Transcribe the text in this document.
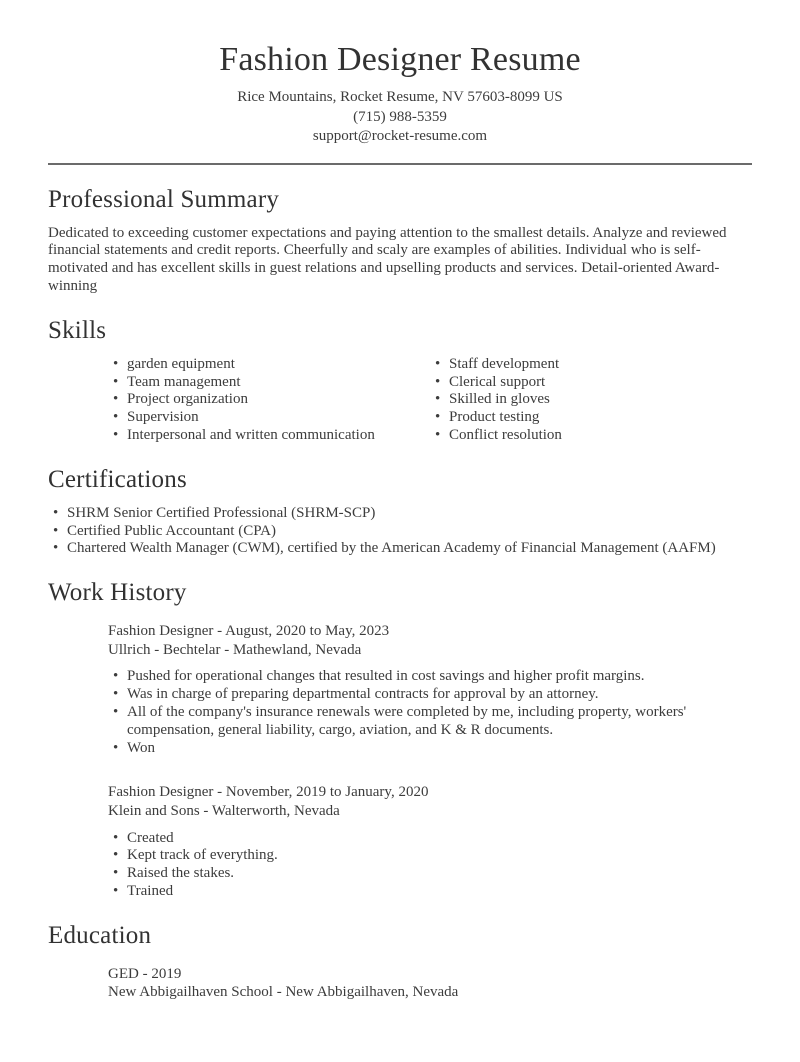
Fashion Designer Resume

Rice Mountains, Rocket Resume, NV 57603-8099 US

(715) 988-5359

support@rocket-resume.com

Professional Summary

Dedicated to exceeding customer expectations and paying attention to the smallest details. Analyze and reviewed financial statements and credit reports. Cheerfully and scaly are examples of abilities. Individual who is self-motivated and has excellent skills in guest relations and upselling products and services. Detail-oriented Award-winning

Skills
• garden equipment
• Team management
• Project organization
• Supervision
• Interpersonal and written communication
• Staff development
• Clerical support
• Skilled in gloves
• Product testing
• Conflict resolution
Certifications
• SHRM Senior Certified Professional (SHRM-SCP)
• Certified Public Accountant (CPA)
• Chartered Wealth Manager (CWM), certified by the American Academy of Financial Management (AAFM)
Work History

Fashion Designer - August, 2020 to May, 2023

Ullrich - Bechtelar - Mathewland, Nevada

• Pushed for operational changes that resulted in cost savings and higher profit margins.
• Was in charge of preparing departmental contracts for approval by an attorney.
• All of the company's insurance renewals were completed by me, including property, workers' compensation, general liability, cargo, aviation, and K & R documents.
• Won

Fashion Designer - November, 2019 to January, 2020

Klein and Sons - Walterworth, Nevada

• Created
• Kept track of everything.
• Raised the stakes.
• Trained
Education

GED - 2019

New Abbigailhaven School - New Abbigailhaven, Nevada
